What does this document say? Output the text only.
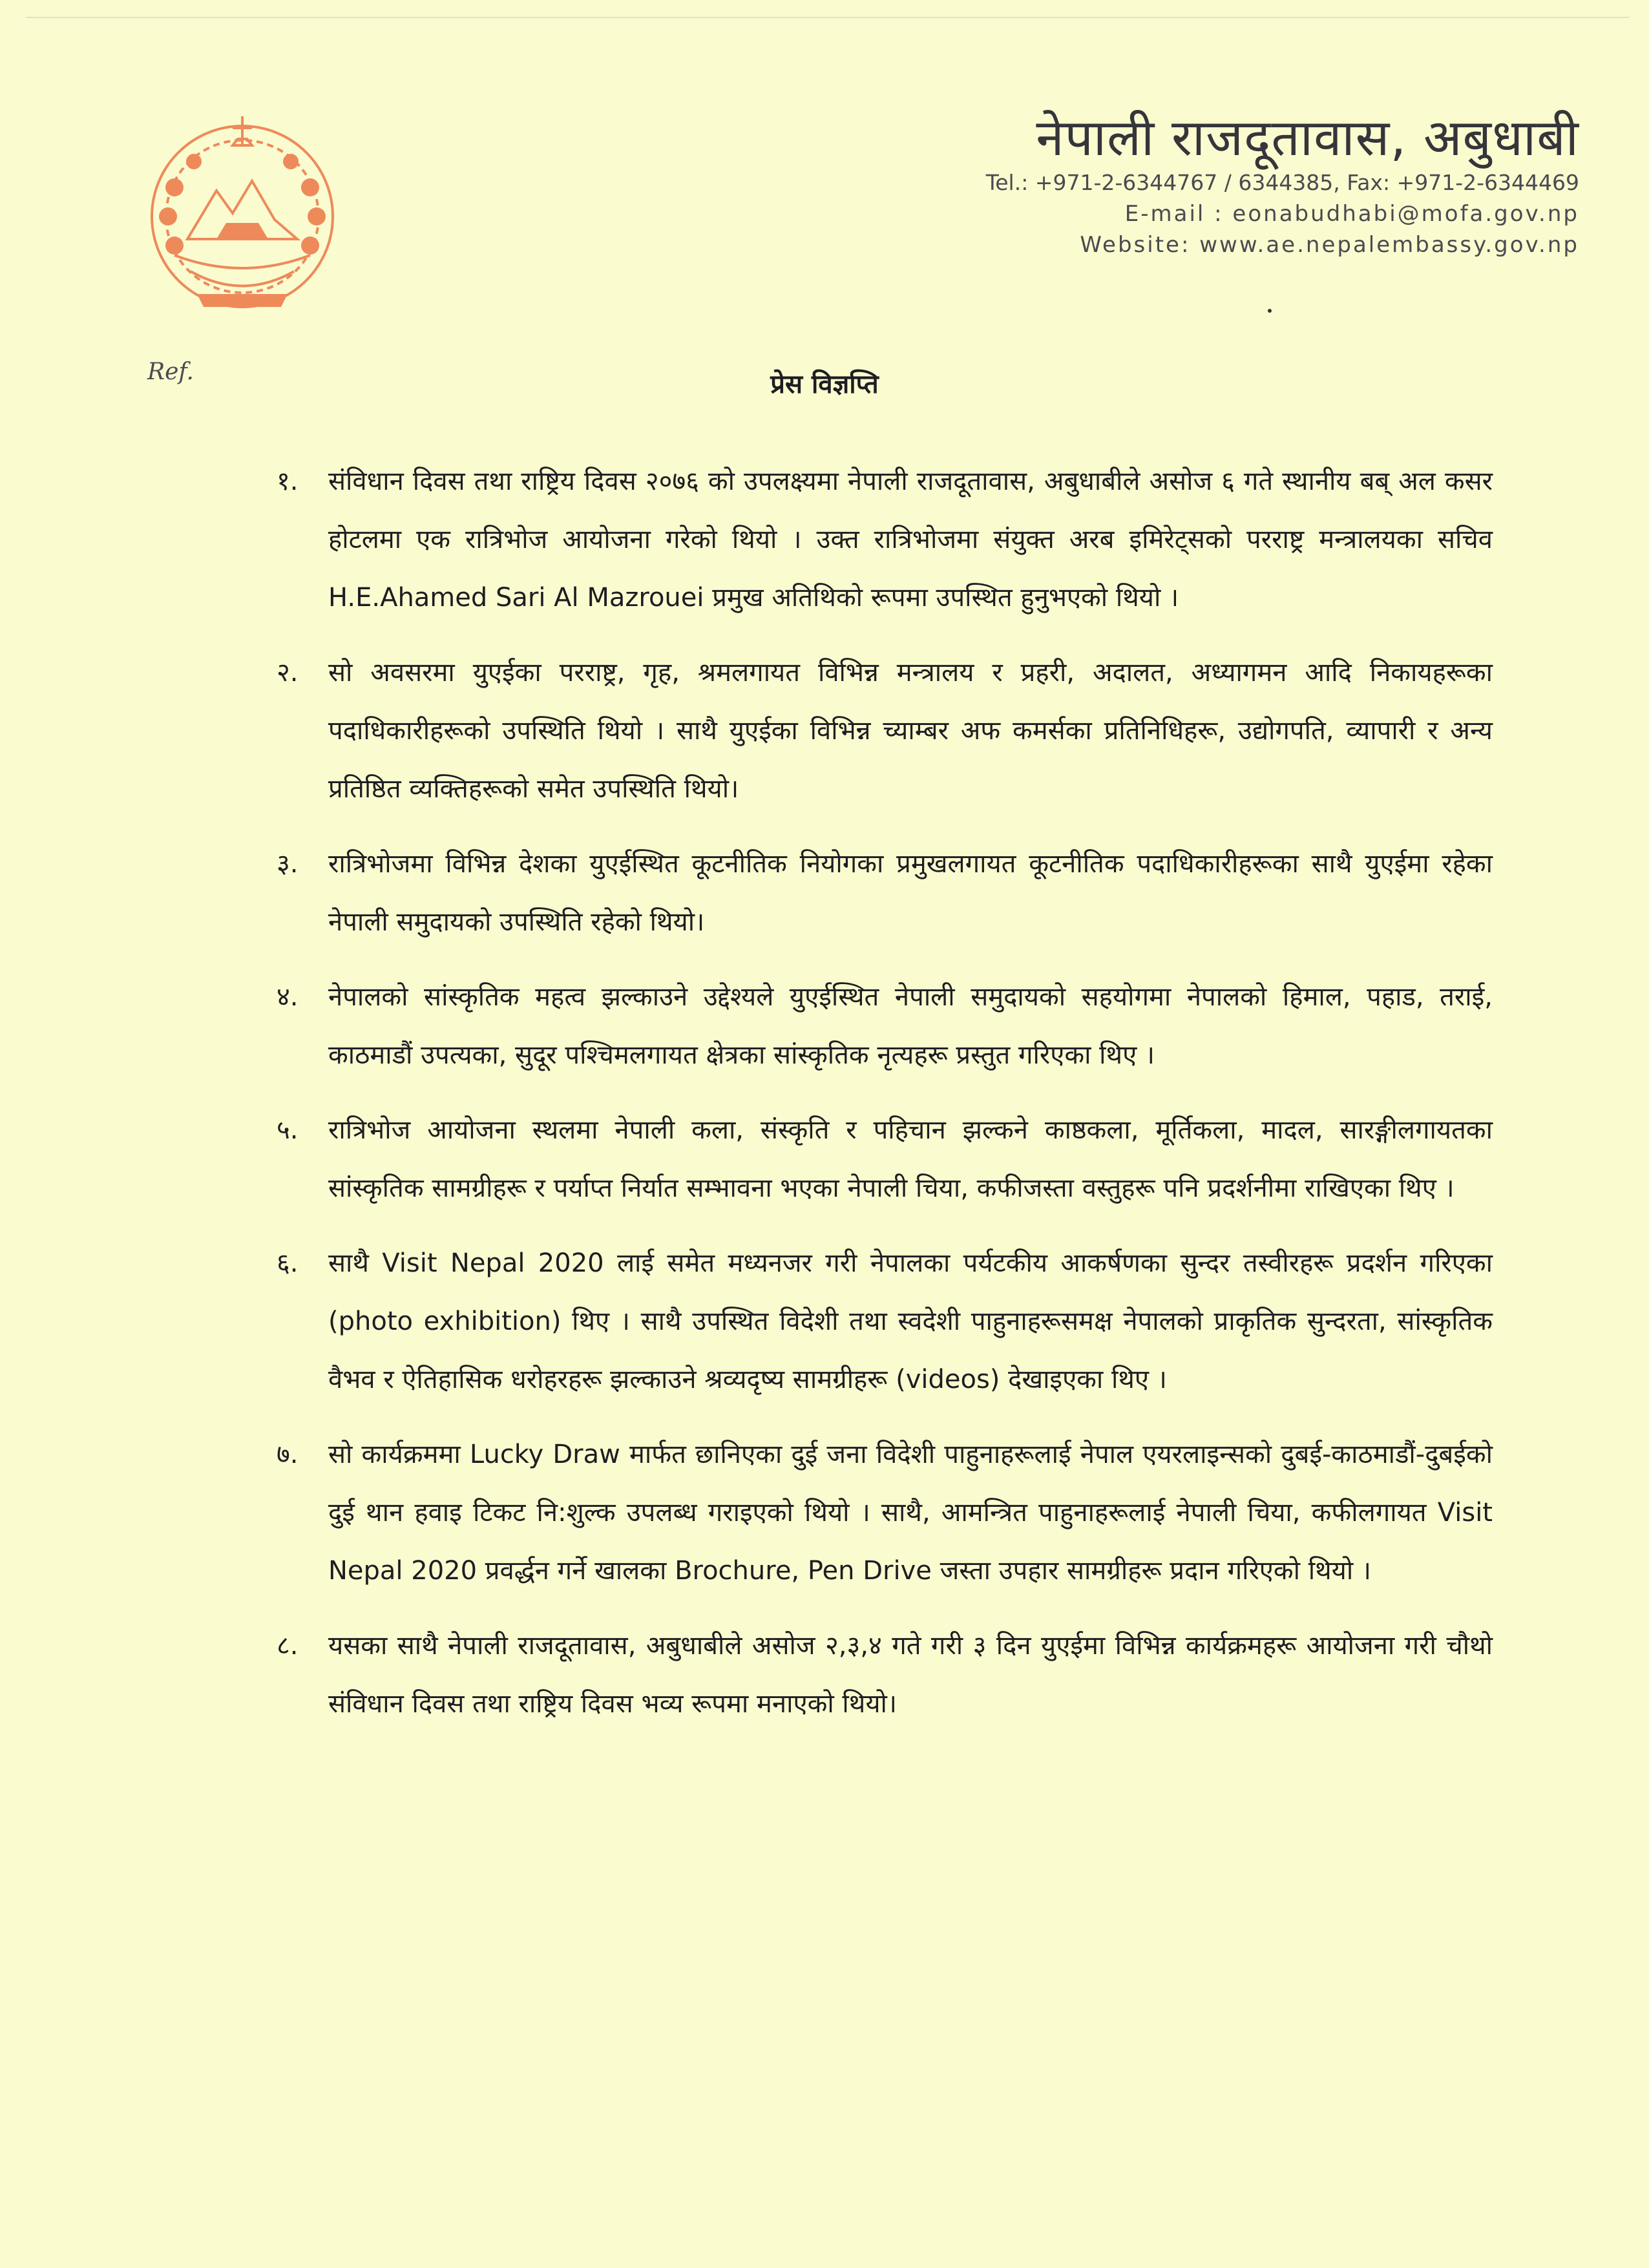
नेपाली राजदूतावास, अबुधाबी
Tel.: +971-2-6344767 / 6344385, Fax: +971-2-6344469
E-mail : eonabudhabi@mofa.gov.np
Website: www.ae.nepalembassy.gov.np
Ref.	प्रेस विज्ञप्ति
१. संविधान दिवस तथा राष्ट्रिय दिवस २०७६ को उपलक्ष्यमा नेपाली राजदूतावास, अबुधाबीले असोज ६ गते स्थानीय बब् अल कसर होटलमा एक रात्रिभोज आयोजना गरेको थियो । उक्त रात्रिभोजमा संयुक्त अरब इमिरेट्सको परराष्ट्र मन्त्रालयका सचिव H.E.Ahamed Sari Al Mazrouei प्रमुख अतिथिको रूपमा उपस्थित हुनुभएको थियो ।
२. सो अवसरमा युएईका परराष्ट्र, गृह, श्रमलगायत विभिन्न मन्त्रालय र प्रहरी, अदालत, अध्यागमन आदि निकायहरूका पदाधिकारीहरूको उपस्थिति थियो । साथै युएईका विभिन्न च्याम्बर अफ कमर्सका प्रतिनिधिहरू, उद्योगपति, व्यापारी र अन्य प्रतिष्ठित व्यक्तिहरूको समेत उपस्थिति थियो।
३. रात्रिभोजमा विभिन्न देशका युएईस्थित कूटनीतिक नियोगका प्रमुखलगायत कूटनीतिक पदाधिकारीहरूका साथै युएईमा रहेका नेपाली समुदायको उपस्थिति रहेको थियो।
४. नेपालको सांस्कृतिक महत्व झल्काउने उद्देश्यले युएईस्थित नेपाली समुदायको सहयोगमा नेपालको हिमाल, पहाड, तराई, काठमाडौं उपत्यका, सुदूर पश्चिमलगायत क्षेत्रका सांस्कृतिक नृत्यहरू प्रस्तुत गरिएका थिए ।
५. रात्रिभोज आयोजना स्थलमा नेपाली कला, संस्कृति र पहिचान झल्कने काष्ठकला, मूर्तिकला, मादल, सारङ्गीलगायतका सांस्कृतिक सामग्रीहरू र पर्याप्त निर्यात सम्भावना भएका नेपाली चिया, कफीजस्ता वस्तुहरू पनि प्रदर्शनीमा राखिएका थिए ।
६. साथै Visit Nepal 2020 लाई समेत मध्यनजर गरी नेपालका पर्यटकीय आकर्षणका सुन्दर तस्वीरहरू प्रदर्शन गरिएका (photo exhibition) थिए । साथै उपस्थित विदेशी तथा स्वदेशी पाहुनाहरूसमक्ष नेपालको प्राकृतिक सुन्दरता, सांस्कृतिक वैभव र ऐतिहासिक धरोहरहरू झल्काउने श्रव्यदृष्य सामग्रीहरू (videos) देखाइएका थिए ।
७. सो कार्यक्रममा Lucky Draw मार्फत छानिएका दुई जना विदेशी पाहुनाहरूलाई नेपाल एयरलाइन्सको दुबई-काठमाडौं-दुबईको दुई थान हवाइ टिकट नि:शुल्क उपलब्ध गराइएको थियो । साथै, आमन्त्रित पाहुनाहरूलाई नेपाली चिया, कफीलगायत Visit Nepal 2020 प्रवर्द्धन गर्ने खालका Brochure, Pen Drive जस्ता उपहार सामग्रीहरू प्रदान गरिएको थियो ।
८. यसका साथै नेपाली राजदूतावास, अबुधाबीले असोज २,३,४ गते गरी ३ दिन युएईमा विभिन्न कार्यक्रमहरू आयोजना गरी चौथो संविधान दिवस तथा राष्ट्रिय दिवस भव्य रूपमा मनाएको थियो।
